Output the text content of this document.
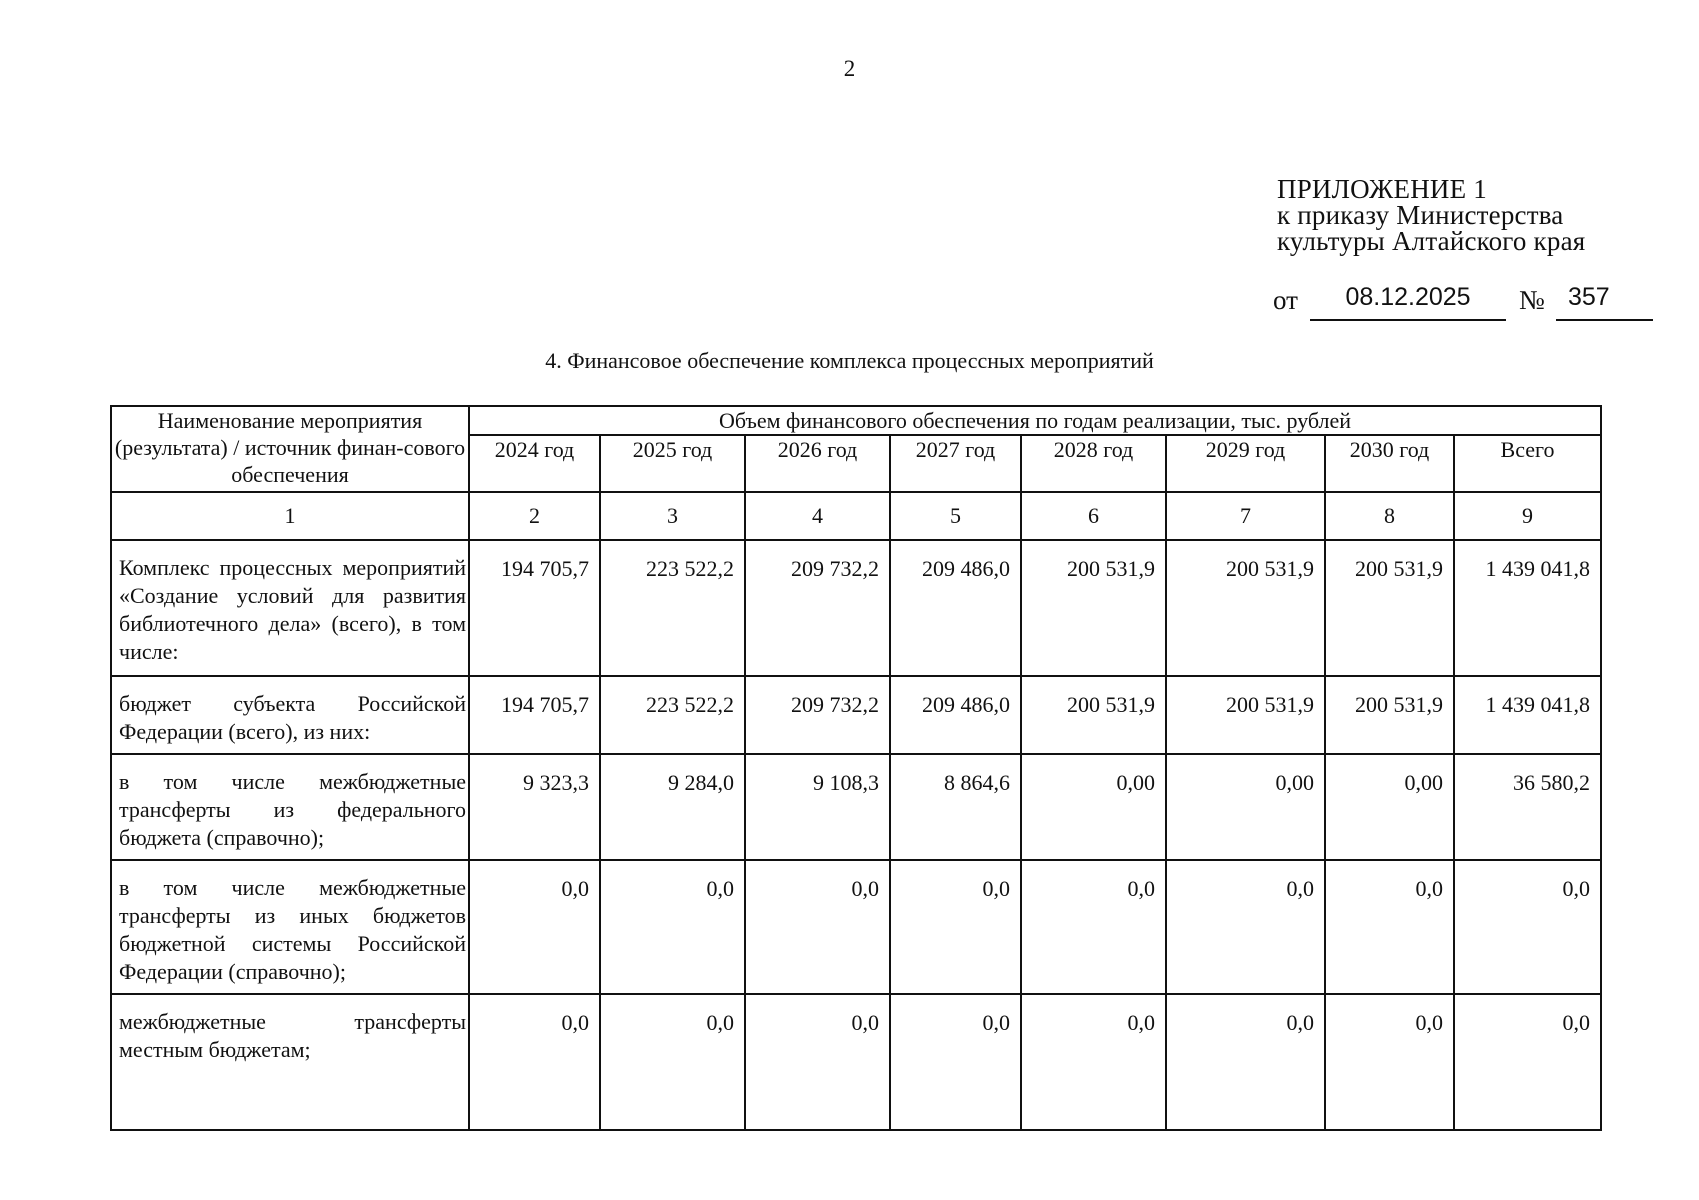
2
ПРИЛОЖЕНИЕ 1
к приказу Министерства
культуры Алтайского края
от	08.12.2025	№ 357
4. Финансовое обеспечение комплекса процессных мероприятий
Наименование мероприятия (результата) / источник финан-сового обеспечения	Объем финансового обеспечения по годам реализации, тыс. рублей							
	2024 год	2025 год	2026 год	2027 год	2028 год	2029 год	2030 год	Всего
1	2	3	4	5	6	7	8	9
Комплекс процессных мероприятий «Создание условий для развития библиотечного дела» (всего), в том числе:	194 705,7	223 522,2	209 732,2	209 486,0	200 531,9	200 531,9	200 531,9	1 439 041,8
бюджет субъекта Российской Федерации (всего), из них:	194 705,7	223 522,2	209 732,2	209 486,0	200 531,9	200 531,9	200 531,9	1 439 041,8
в том числе межбюджетные трансферты из федерального бюджета (справочно);	9 323,3	9 284,0	9 108,3	8 864,6	0,00	0,00	0,00	36 580,2
в том числе межбюджетные трансферты из иных бюджетов бюджетной системы Российской Федерации (справочно);	0,0	0,0	0,0	0,0	0,0	0,0	0,0	0,0
межбюджетные трансферты местным бюджетам;	0,0	0,0	0,0	0,0	0,0	0,0	0,0	0,0
